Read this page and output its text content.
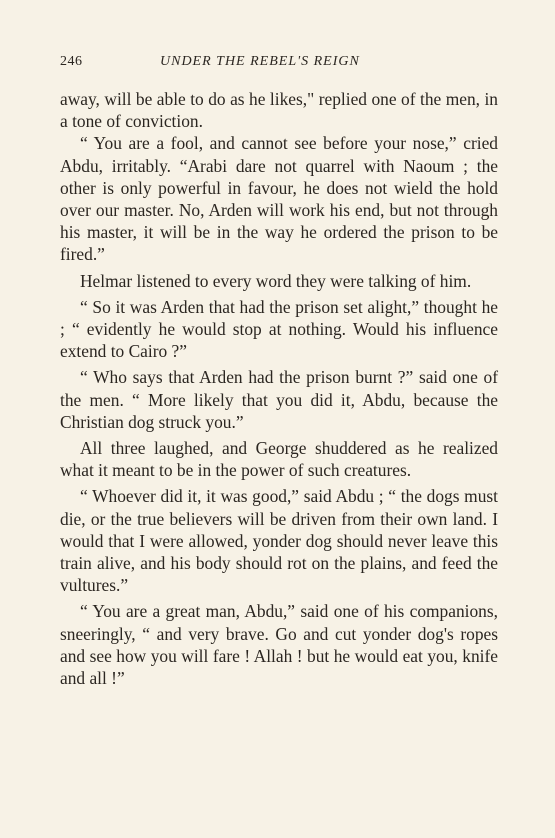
246	UNDER THE REBEL'S REIGN

away, will be able to do as he likes," replied one of the men, in a tone of conviction.

“ You are a fool, and cannot see before your nose,” cried Abdu, irritably. “Arabi dare not quarrel with Naoum ; the other is only powerful in favour, he does not wield the hold over our master. No, Arden will work his end, but not through his master, it will be in the way he ordered the prison to be fired.”

Helmar listened to every word they were talking of him.

“ So it was Arden that had the prison set alight,” thought he ; “ evidently he would stop at nothing. Would his influence extend to Cairo ?”

“ Who says that Arden had the prison burnt ?” said one of the men. “ More likely that you did it, Abdu, because the Christian dog struck you.”

All three laughed, and George shuddered as he realized what it meant to be in the power of such creatures.

“ Whoever did it, it was good,” said Abdu ; “ the dogs must die, or the true believers will be driven from their own land. I would that I were allowed, yonder dog should never leave this train alive, and his body should rot on the plains, and feed the vultures.”

“ You are a great man, Abdu,” said one of his companions, sneeringly, “ and very brave. Go and cut yonder dog's ropes and see how you will fare ! Allah ! but he would eat you, knife and all !”
